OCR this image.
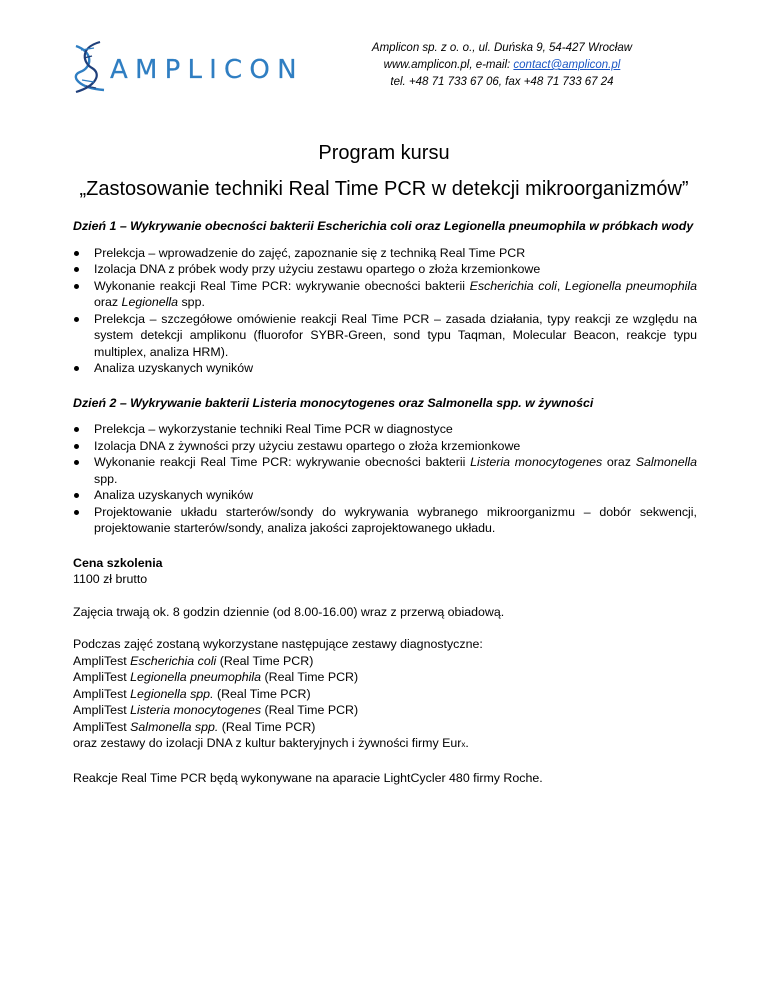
AMPLICON
Amplicon sp. z o. o., ul. Duńska 9, 54-427 Wrocław
www.amplicon.pl, e-mail: contact@amplicon.pl
tel. +48 71 733 67 06, fax +48 71 733 67 24
Program kursu
„Zastosowanie techniki Real Time PCR w detekcji mikroorganizmów”
Dzień 1 – Wykrywanie obecności bakterii Escherichia coli oraz Legionella pneumophila w próbkach wody
Prelekcja – wprowadzenie do zajęć, zapoznanie się z techniką Real Time PCR
Izolacja DNA z próbek wody przy użyciu zestawu opartego o złoża krzemionkowe
Wykonanie reakcji Real Time PCR: wykrywanie obecności bakterii Escherichia coli, Legionella pneumophila oraz Legionella spp.
Prelekcja – szczegółowe omówienie reakcji Real Time PCR – zasada działania, typy reakcji ze względu na system detekcji amplikonu (fluorofor SYBR-Green, sond typu Taqman, Molecular Beacon, reakcje typu multiplex, analiza HRM).
Analiza uzyskanych wyników
Dzień 2 – Wykrywanie bakterii Listeria monocytogenes oraz Salmonella spp. w żywności
Prelekcja – wykorzystanie techniki Real Time PCR w diagnostyce
Izolacja DNA z żywności przy użyciu zestawu opartego o złoża krzemionkowe
Wykonanie reakcji Real Time PCR: wykrywanie obecności bakterii Listeria monocytogenes oraz Salmonella spp.
Analiza uzyskanych wyników
Projektowanie układu starterów/sondy do wykrywania wybranego mikroorganizmu – dobór sekwencji, projektowanie starterów/sondy, analiza jakości zaprojektowanego układu.

Cena szkolenia

1100 zł brutto

Zajęcia trwają ok. 8 godzin dziennie (od 8.00-16.00) wraz z przerwą obiadową.

Podczas zajęć zostaną wykorzystane następujące zestawy diagnostyczne:

AmpliTest Escherichia coli (Real Time PCR)

AmpliTest Legionella pneumophila (Real Time PCR)

AmpliTest Legionella spp. (Real Time PCR)

AmpliTest Listeria monocytogenes (Real Time PCR)

AmpliTest Salmonella spp. (Real Time PCR)

oraz zestawy do izolacji DNA z kultur bakteryjnych i żywności firmy Eurx.

Reakcje Real Time PCR będą wykonywane na aparacie LightCycler 480 firmy Roche.
